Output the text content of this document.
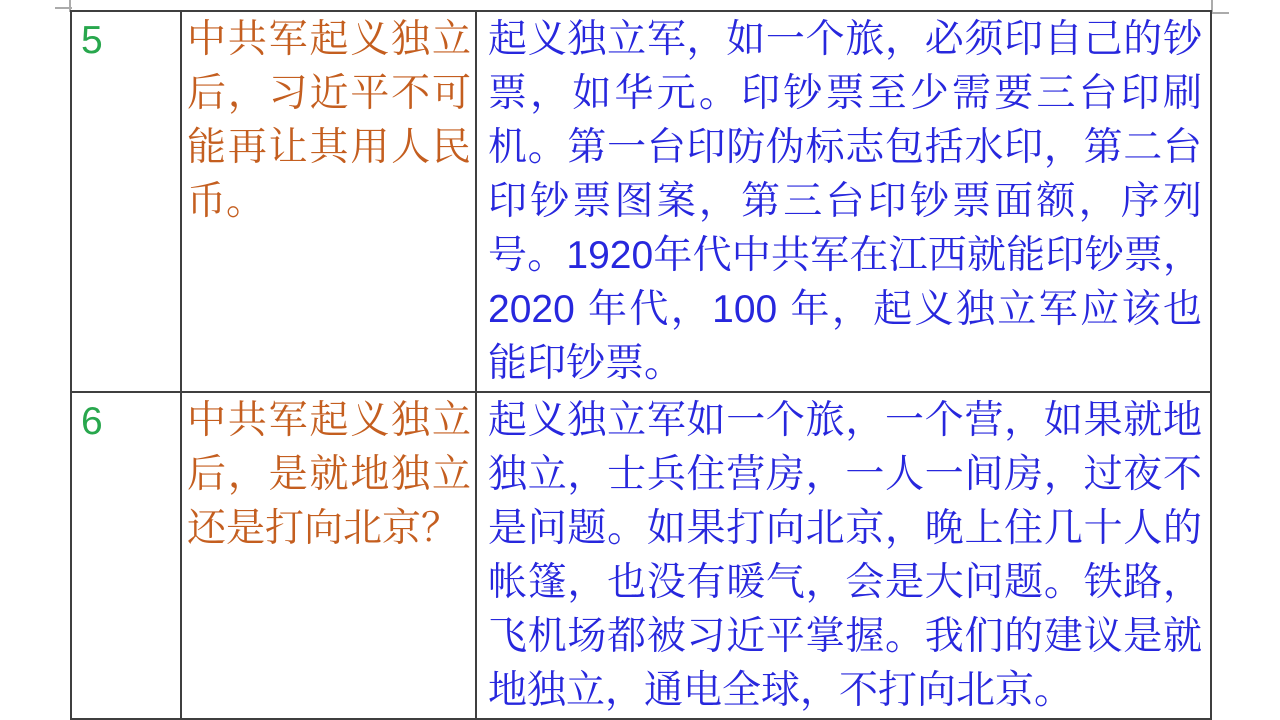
5	中共军起义独立后，习近平不可能再让其用人民币。	起义独立军，如一个旅，必须印自己的钞票，如华元。印钞票至少需要三台印刷机。第一台印防伪标志包括水印，第二台印钞票图案，第三台印钞票面额，序列号。1920年代中共军在江西就能印钞票，2020 年代，100 年，起义独立军应该也能印钞票。
6	中共军起义独立后，是就地独立还是打向北京？	起义独立军如一个旅，一个营，如果就地独立，士兵住营房，一人一间房，过夜不是问题。如果打向北京，晚上住几十人的帐篷，也没有暖气，会是大问题。铁路，飞机场都被习近平掌握。我们的建议是就地独立，通电全球，不打向北京。
